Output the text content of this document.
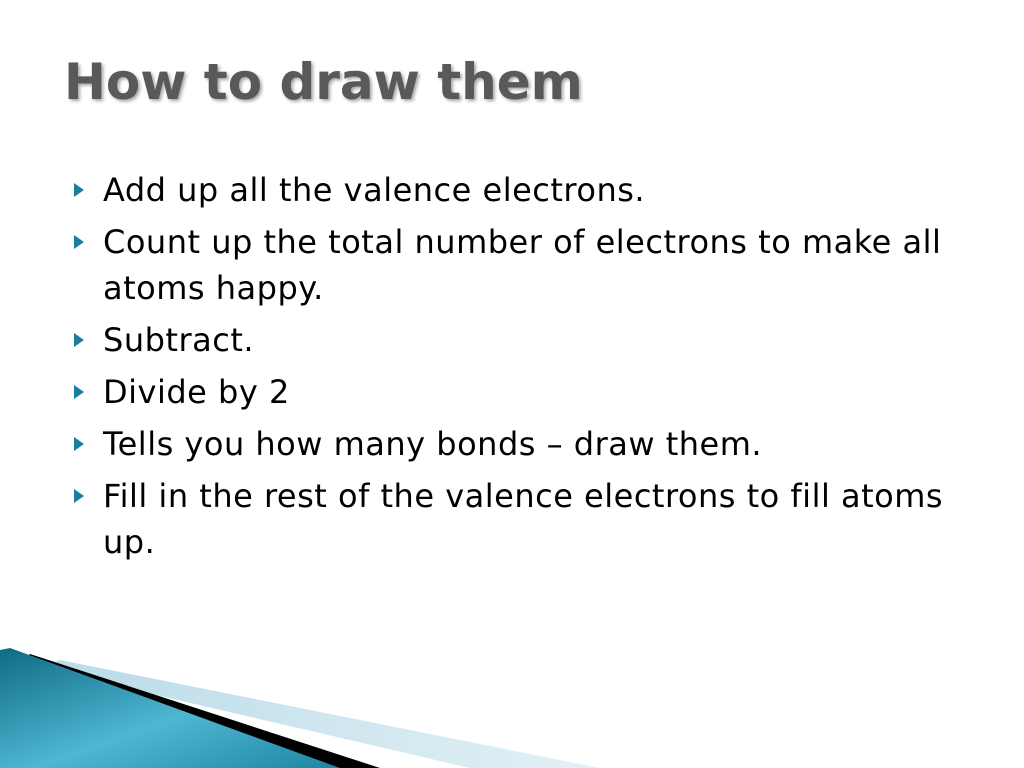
How to draw them
Add up all the valence electrons.
Count up the total number of electrons to make all atoms happy.
Subtract.
Divide by 2
Tells you how many bonds – draw them.
Fill in the rest of the valence electrons to fill atoms up.
